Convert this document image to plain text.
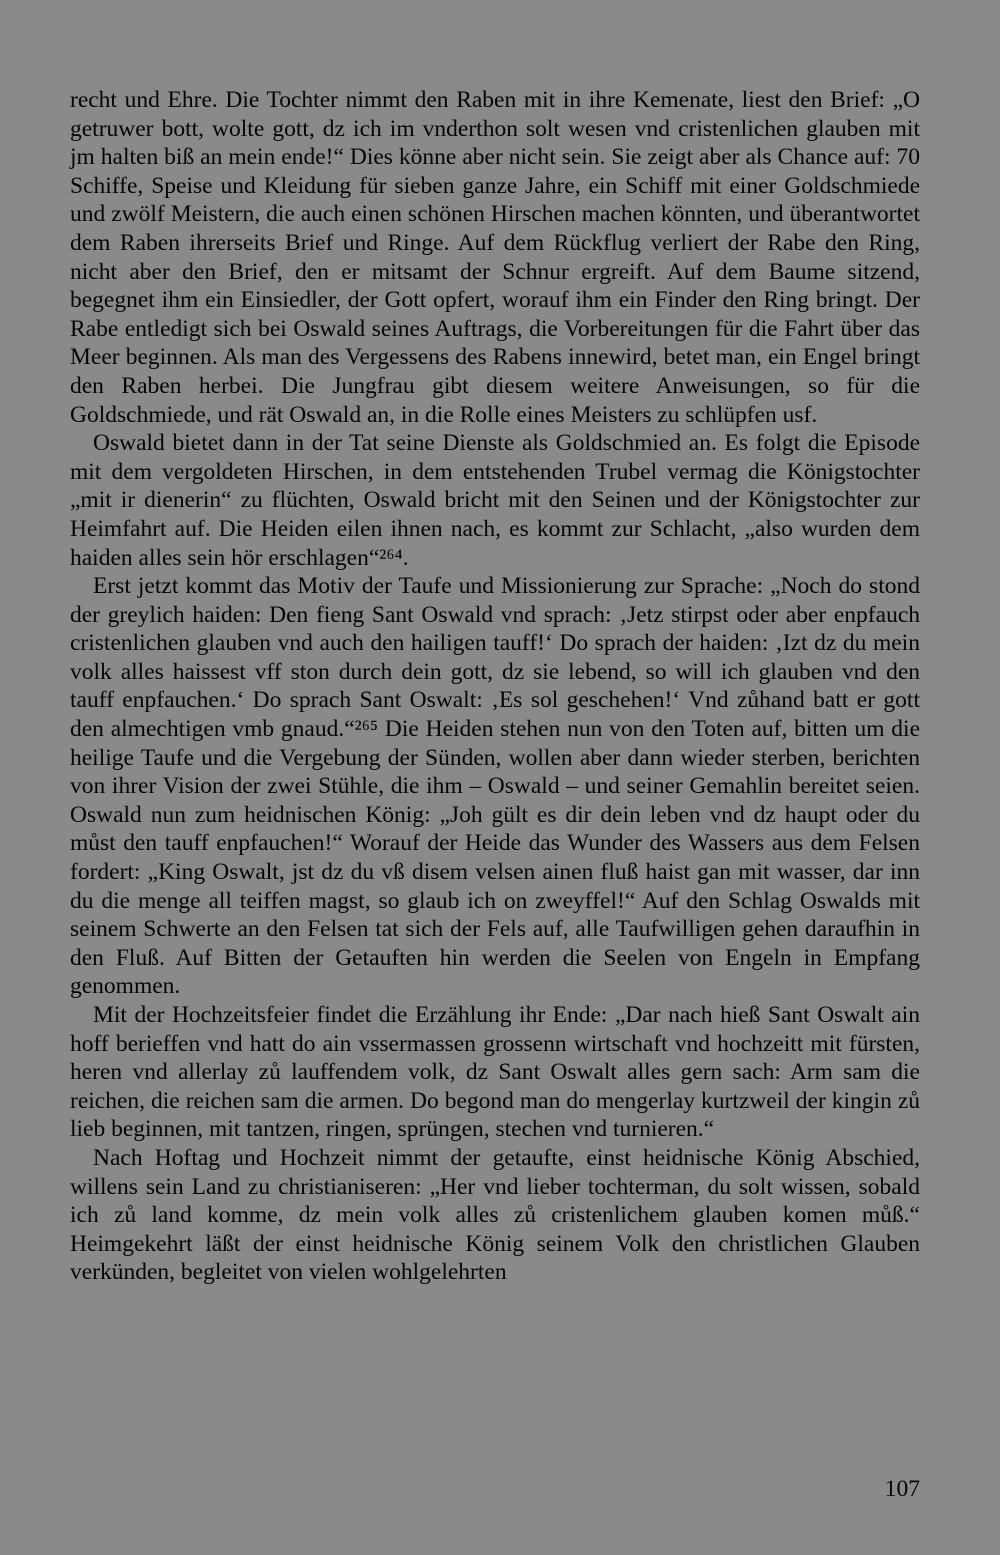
recht und Ehre. Die Tochter nimmt den Raben mit in ihre Kemenate, liest den Brief: „O getruwer bott, wolte gott, dz ich im vnderthon solt wesen vnd cristenlichen glauben mit jm halten biß an mein ende!“ Dies könne aber nicht sein. Sie zeigt aber als Chance auf: 70 Schiffe, Speise und Kleidung für sieben ganze Jahre, ein Schiff mit einer Goldschmiede und zwölf Meistern, die auch einen schönen Hirschen machen könnten, und überantwortet dem Raben ihrerseits Brief und Ringe. Auf dem Rückflug verliert der Rabe den Ring, nicht aber den Brief, den er mitsamt der Schnur ergreift. Auf dem Baume sitzend, begegnet ihm ein Einsiedler, der Gott opfert, worauf ihm ein Finder den Ring bringt. Der Rabe entledigt sich bei Oswald seines Auftrags, die Vorbereitungen für die Fahrt über das Meer beginnen. Als man des Vergessens des Rabens innewird, betet man, ein Engel bringt den Raben herbei. Die Jungfrau gibt diesem weitere Anweisungen, so für die Goldschmiede, und rät Oswald an, in die Rolle eines Meisters zu schlüpfen usf.

Oswald bietet dann in der Tat seine Dienste als Goldschmied an. Es folgt die Episode mit dem vergoldeten Hirschen, in dem entstehenden Trubel vermag die Königstochter „mit ir dienerin“ zu flüchten, Oswald bricht mit den Seinen und der Königstochter zur Heimfahrt auf. Die Heiden eilen ihnen nach, es kommt zur Schlacht, „also wurden dem haiden alles sein hör erschlagen“²⁶⁴.

Erst jetzt kommt das Motiv der Taufe und Missionierung zur Sprache: „Noch do stond der greylich haiden: Den fieng Sant Oswald vnd sprach: ‚Jetz stirpst oder aber enpfauch cristenlichen glauben vnd auch den hailigen tauff!‘ Do sprach der haiden: ‚Izt dz du mein volk alles haissest vff ston durch dein gott, dz sie lebend, so will ich glauben vnd den tauff enpfauchen.‘ Do sprach Sant Oswalt: ‚Es sol geschehen!‘ Vnd zůhand batt er gott den almechtigen vmb gnaud.“²⁶⁵ Die Heiden stehen nun von den Toten auf, bitten um die heilige Taufe und die Vergebung der Sünden, wollen aber dann wieder sterben, berichten von ihrer Vision der zwei Stühle, die ihm – Oswald – und seiner Gemahlin bereitet seien. Oswald nun zum heidnischen König: „Joh gült es dir dein leben vnd dz haupt oder du můst den tauff enpfauchen!“ Worauf der Heide das Wunder des Wassers aus dem Felsen fordert: „King Oswalt, jst dz du vß disem velsen ainen fluß haist gan mit wasser, dar inn du die menge all teiffen magst, so glaub ich on zweyffel!“ Auf den Schlag Oswalds mit seinem Schwerte an den Felsen tat sich der Fels auf, alle Taufwilligen gehen daraufhin in den Fluß. Auf Bitten der Getauften hin werden die Seelen von Engeln in Empfang genommen.

Mit der Hochzeitsfeier findet die Erzählung ihr Ende: „Dar nach hieß Sant Oswalt ain hoff berieffen vnd hatt do ain vssermassen grossenn wirtschaft vnd hochzeitt mit fürsten, heren vnd allerlay zů lauffendem volk, dz Sant Oswalt alles gern sach: Arm sam die reichen, die reichen sam die armen. Do begond man do mengerlay kurtzweil der kingin zů lieb beginnen, mit tantzen, ringen, sprüngen, stechen vnd turnieren.“

Nach Hoftag und Hochzeit nimmt der getaufte, einst heidnische König Abschied, willens sein Land zu christianiseren: „Her vnd lieber tochterman, du solt wissen, sobald ich zů land komme, dz mein volk alles zů cristenlichem glauben komen můß.“ Heimgekehrt läßt der einst heidnische König seinem Volk den christlichen Glauben verkünden, begleitet von vielen wohlgelehrten

107
